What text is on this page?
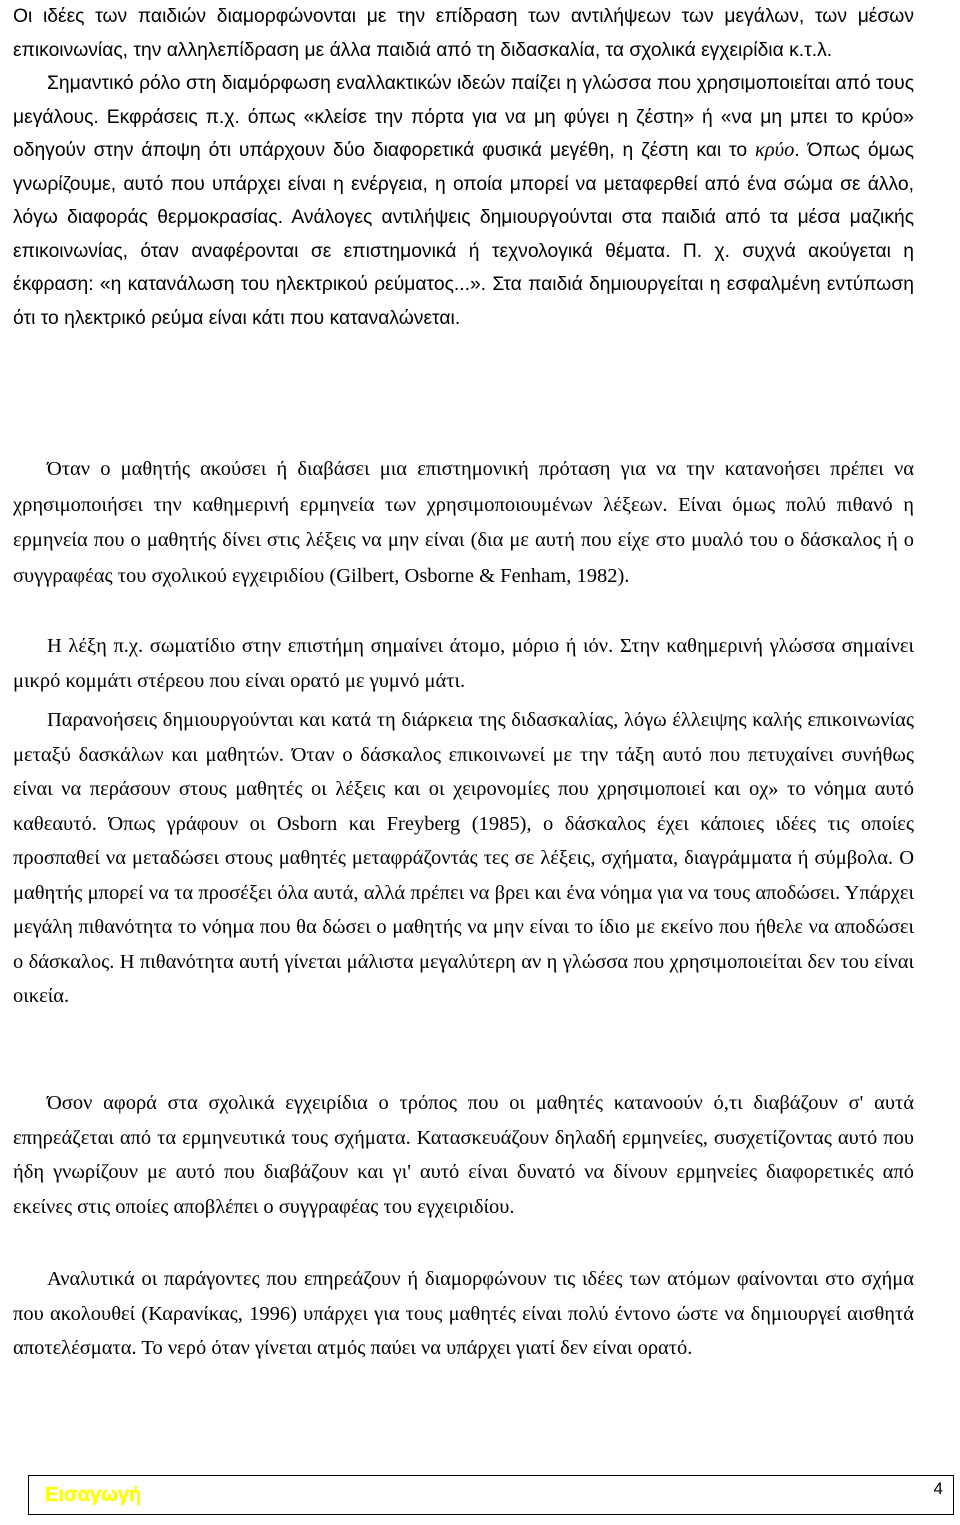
Οι ιδέες των παιδιών διαμορφώνονται με την επίδραση των αντιλήψεων των μεγάλων, των μέσων επικοινωνίας, την αλληλεπίδραση με άλλα παιδιά από τη διδασκαλία, τα σχολικά εγχειρίδια κ.τ.λ.

Σημαντικό ρόλο στη διαμόρφωση εναλλακτικών ιδεών παίζει η γλώσσα που χρησιμοποιείται από τους μεγάλους. Εκφράσεις π.χ. όπως «κλείσε την πόρτα για να μη φύγει η ζέστη» ή «να μη μπει το κρύο» οδηγούν στην άποψη ότι υπάρχουν δύο διαφορετικά φυσικά μεγέθη, η ζέστη και το κρύο. Όπως όμως γνωρίζουμε, αυτό που υπάρχει είναι η ενέργεια, η οποία μπορεί να μεταφερθεί από ένα σώμα σε άλλο, λόγω διαφοράς θερμοκρασίας. Ανάλογες αντιλήψεις δημιουργούνται στα παιδιά από τα μέσα μαζικής επικοινωνίας, όταν αναφέρονται σε επιστημονικά ή τεχνολογικά θέματα. Π. χ. συχνά ακούγεται η έκφραση: «η κατανάλωση του ηλεκτρικού ρεύματος...». Στα παιδιά δημιουργείται η εσφαλμένη εντύπωση ότι το ηλεκτρικό ρεύμα είναι κάτι που καταναλώνεται.

Όταν ο μαθητής ακούσει ή διαβάσει μια επιστημονική πρόταση για να την κατανοήσει πρέπει να χρησιμοποιήσει την καθημερινή ερμηνεία των χρησιμοποιουμένων λέξεων. Είναι όμως πολύ πιθανό η ερμηνεία που ο μαθητής δίνει στις λέξεις να μην είναι (δια με αυτή που είχε στο μυαλό του ο δάσκαλος ή ο συγγραφέας του σχολικού εγχειριδίου (Gilbert, Osborne & Fenham, 1982).

Η λέξη π.χ. σωματίδιο στην επιστήμη σημαίνει άτομο, μόριο ή ιόν. Στην καθημερινή γλώσσα σημαίνει μικρό κομμάτι στέρεου που είναι ορατό με γυμνό μάτι.

Παρανοήσεις δημιουργούνται και κατά τη διάρκεια της διδασκαλίας, λόγω έλλειψης καλής επικοινωνίας μεταξύ δασκάλων και μαθητών. Όταν ο δάσκαλος επικοινωνεί με την τάξη αυτό που πετυχαίνει συνήθως είναι να περάσουν στους μαθητές οι λέξεις και οι χειρονομίες που χρησιμοποιεί και οχ» το νόημα αυτό καθεαυτό. Όπως γράφουν οι Osborn και Freyberg (1985), ο δάσκαλος έχει κάποιες ιδέες τις οποίες προσπαθεί να μεταδώσει στους μαθητές μεταφράζοντάς τες σε λέξεις, σχήματα, διαγράμματα ή σύμβολα. Ο μαθητής μπορεί να τα προσέξει όλα αυτά, αλλά πρέπει να βρει και ένα νόημα για να τους αποδώσει. Υπάρχει μεγάλη πιθανότητα το νόημα που θα δώσει ο μαθητής να μην είναι το ίδιο με εκείνο που ήθελε να αποδώσει ο δάσκαλος. Η πιθανότητα αυτή γίνεται μάλιστα μεγαλύτερη αν η γλώσσα που χρησιμοποιείται δεν του είναι οικεία.

Όσον αφορά στα σχολικά εγχειρίδια ο τρόπος που οι μαθητές κατανοούν ό,τι διαβάζουν σ' αυτά επηρεάζεται από τα ερμηνευτικά τους σχήματα. Κατασκευάζουν δηλαδή ερμηνείες, συσχετίζοντας αυτό που ήδη γνωρίζουν με αυτό που διαβάζουν και γι' αυτό είναι δυνατό να δίνουν ερμηνείες διαφορετικές από εκείνες στις οποίες αποβλέπει ο συγγραφέας του εγχειριδίου.

Αναλυτικά οι παράγοντες που επηρεάζουν ή διαμορφώνουν τις ιδέες των ατόμων φαίνονται στο σχήμα που ακολουθεί (Καρανίκας, 1996) υπάρχει για τους μαθητές είναι πολύ έντονο ώστε να δημιουργεί αισθητά αποτελέσματα. Το νερό όταν γίνεται ατμός παύει να υπάρχει γιατί δεν είναι ορατό.

Εισαγωγή	4
